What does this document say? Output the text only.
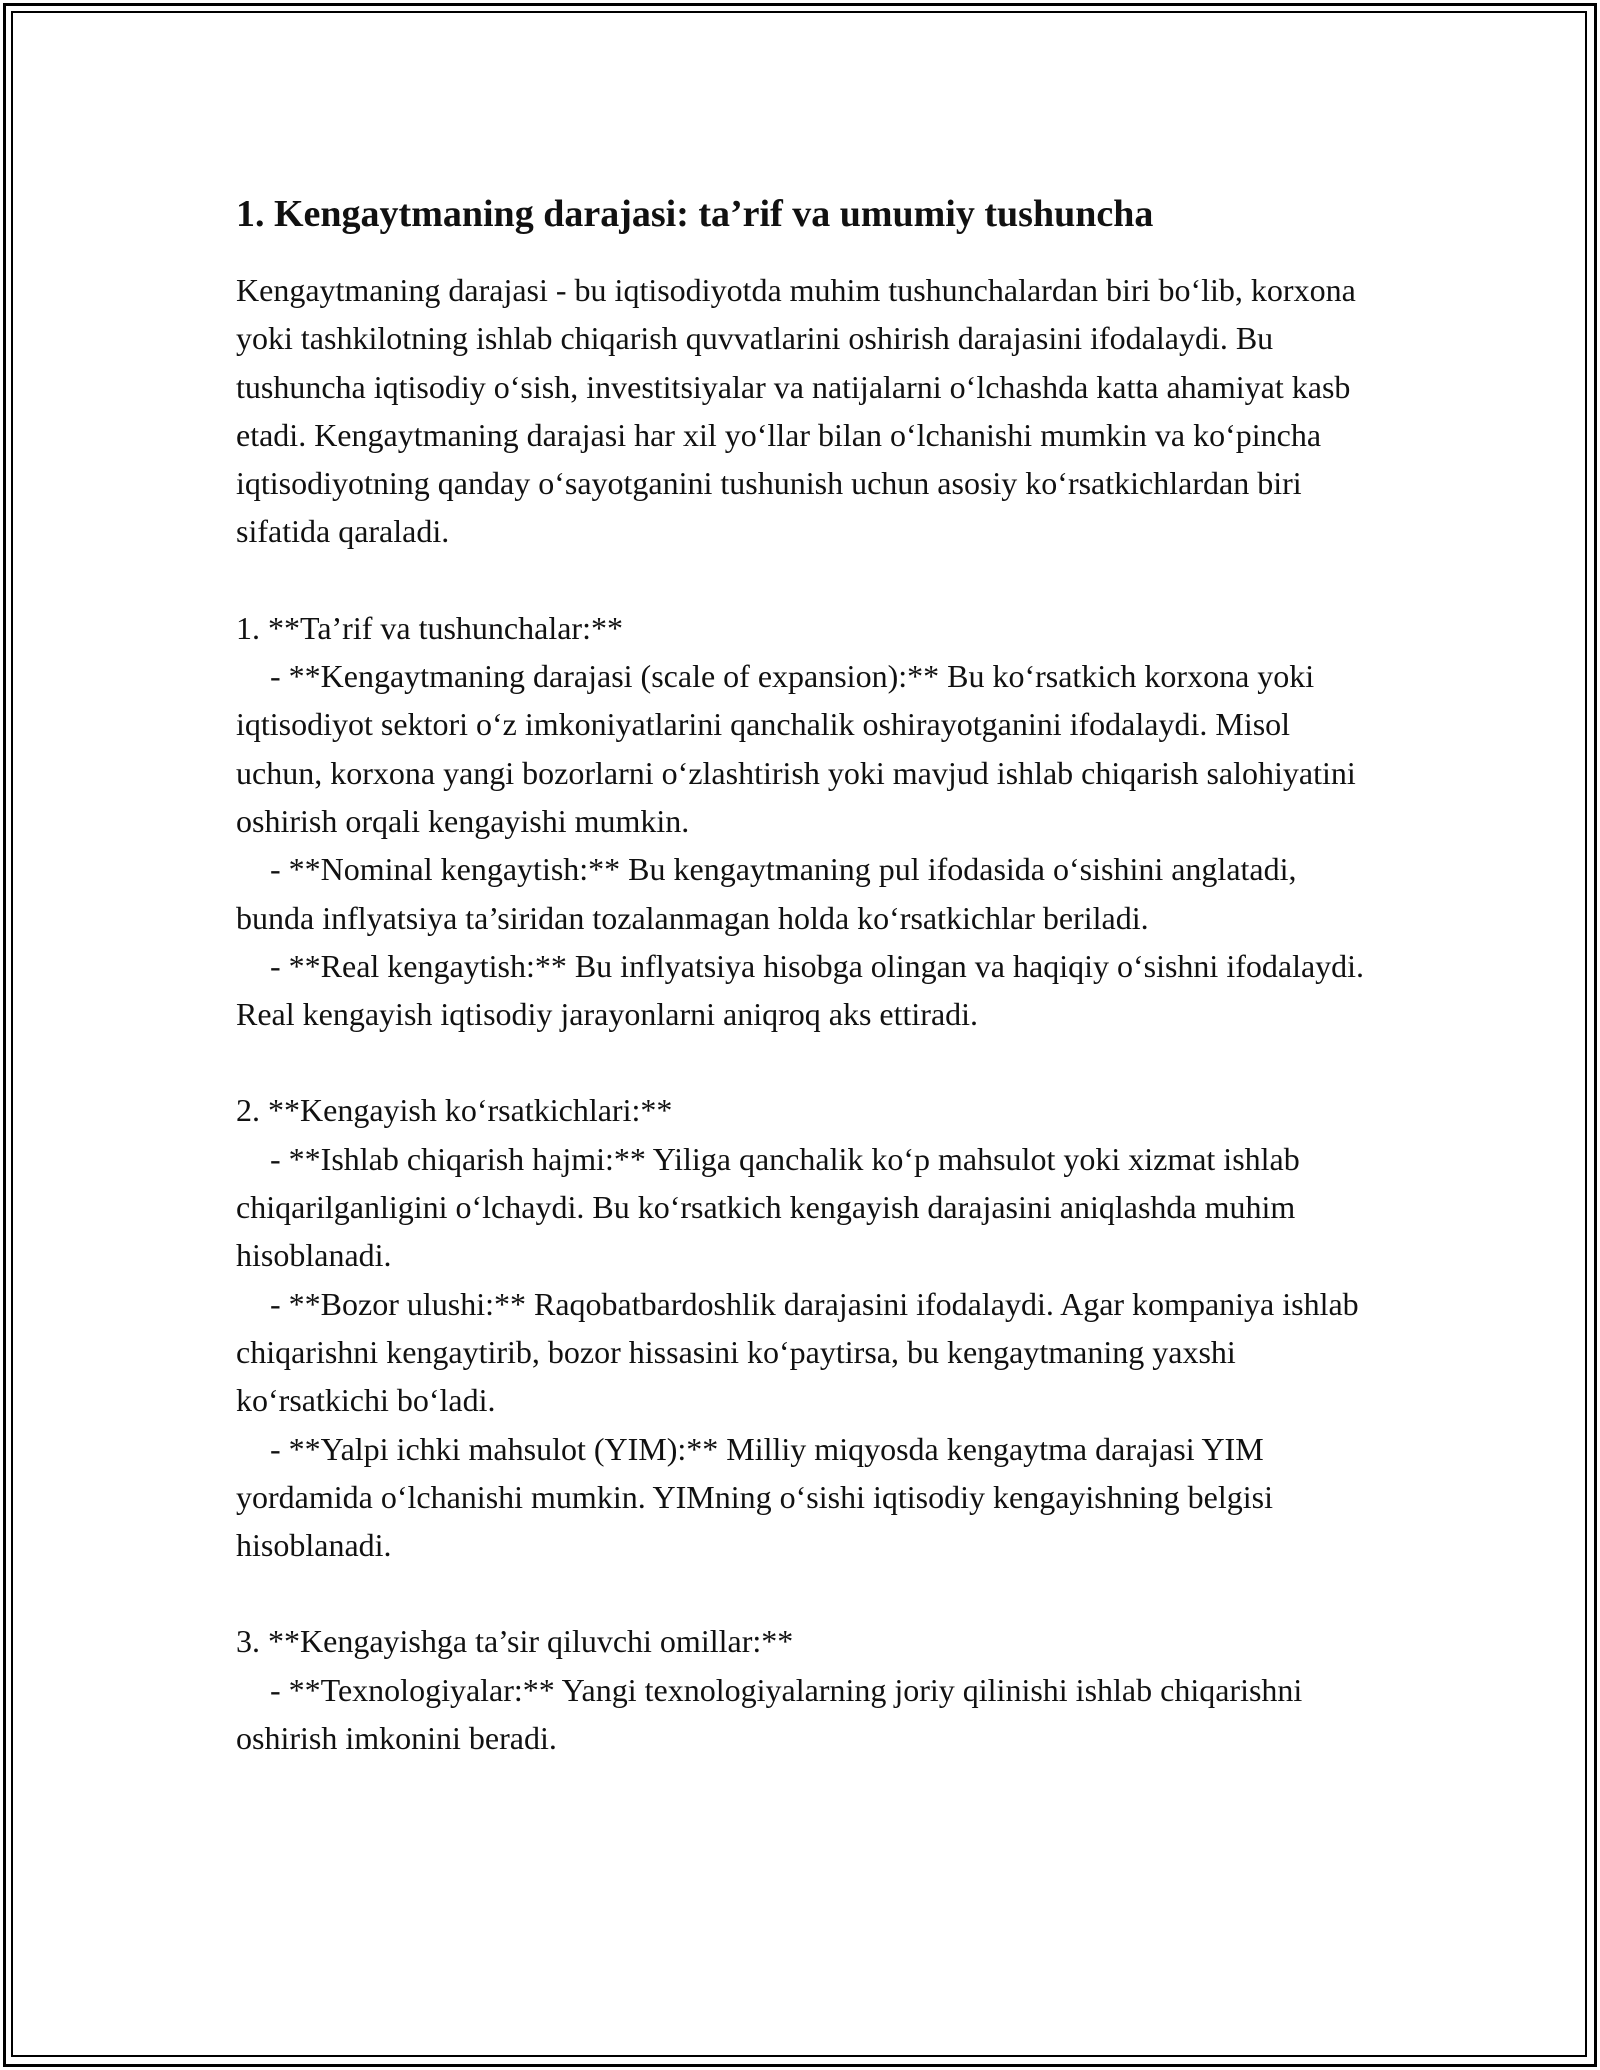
1. Kengaytmaning darajasi: ta’rif va umumiy tushuncha

Kengaytmaning darajasi - bu iqtisodiyotda muhim tushunchalardan biri bo‘lib, korxona yoki tashkilotning ishlab chiqarish quvvatlarini oshirish darajasini ifodalaydi. Bu tushuncha iqtisodiy o‘sish, investitsiyalar va natijalarni o‘lchashda katta ahamiyat kasb etadi. Kengaytmaning darajasi har xil yo‘llar bilan o‘lchanishi mumkin va ko‘pincha iqtisodiyotning qanday o‘sayotganini tushunish uchun asosiy ko‘rsatkichlardan biri sifatida qaraladi.

1. **Ta’rif va tushunchalar:**

- **Kengaytmaning darajasi (scale of expansion):** Bu ko‘rsatkich korxona yoki iqtisodiyot sektori o‘z imkoniyatlarini qanchalik oshirayotganini ifodalaydi. Misol uchun, korxona yangi bozorlarni o‘zlashtirish yoki mavjud ishlab chiqarish salohiyatini oshirish orqali kengayishi mumkin.

- **Nominal kengaytish:** Bu kengaytmaning pul ifodasida o‘sishini anglatadi, bunda inflyatsiya ta’siridan tozalanmagan holda ko‘rsatkichlar beriladi.

- **Real kengaytish:** Bu inflyatsiya hisobga olingan va haqiqiy o‘sishni ifodalaydi. Real kengayish iqtisodiy jarayonlarni aniqroq aks ettiradi.

2. **Kengayish ko‘rsatkichlari:**

- **Ishlab chiqarish hajmi:** Yiliga qanchalik ko‘p mahsulot yoki xizmat ishlab chiqarilganligini o‘lchaydi. Bu ko‘rsatkich kengayish darajasini aniqlashda muhim hisoblanadi.

- **Bozor ulushi:** Raqobatbardoshlik darajasini ifodalaydi. Agar kompaniya ishlab chiqarishni kengaytirib, bozor hissasini ko‘paytirsa, bu kengaytmaning yaxshi ko‘rsatkichi bo‘ladi.

- **Yalpi ichki mahsulot (YIM):** Milliy miqyosda kengaytma darajasi YIM yordamida o‘lchanishi mumkin. YIMning o‘sishi iqtisodiy kengayishning belgisi hisoblanadi.

3. **Kengayishga ta’sir qiluvchi omillar:**

- **Texnologiyalar:** Yangi texnologiyalarning joriy qilinishi ishlab chiqarishni oshirish imkonini beradi.
